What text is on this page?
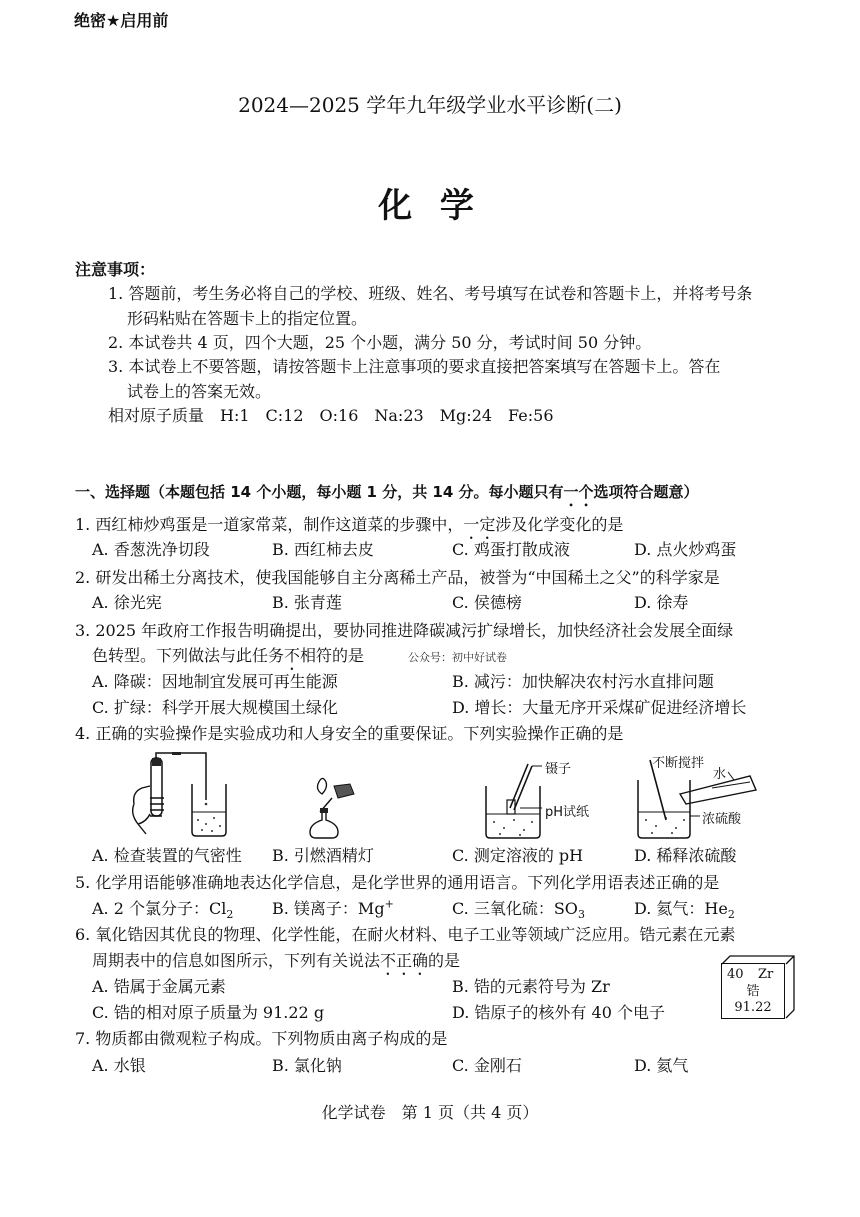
绝密★启用前
2024—2025 学年九年级学业水平诊断(二)
化 学
注意事项：
1. 答题前，考生务必将自己的学校、班级、姓名、考号填写在试卷和答题卡上，并将考号条
形码粘贴在答题卡上的指定位置。
2. 本试卷共 4 页，四个大题，25 个小题，满分 50 分，考试时间 50 分钟。
3. 本试卷上不要答题，请按答题卡上注意事项的要求直接把答案填写在答题卡上。答在
试卷上的答案无效。
相对原子质量　H:1　C:12　O:16　Na:23　Mg:24　Fe:56
一、选择题（本题包括 14 个小题，每小题 1 分，共 14 分。每小题只有一个选项符合题意）
1. 西红柿炒鸡蛋是一道家常菜，制作这道菜的步骤中，一定涉及化学变化的是
A. 香葱洗净切段	B. 西红柿去皮	C. 鸡蛋打散成液	D. 点火炒鸡蛋
2. 研发出稀土分离技术，使我国能够自主分离稀土产品，被誉为“中国稀土之父”的科学家是
A. 徐光宪	B. 张青莲	C. 侯德榜	D. 徐寿
3. 2025 年政府工作报告明确提出，要协同推进降碳减污扩绿增长，加快经济社会发展全面绿
色转型。下列做法与此任务不相符的是	公众号：初中好试卷
A. 降碳：因地制宜发展可再生能源	B. 减污：加快解决农村污水直排问题
C. 扩绿：科学开展大规模国土绿化	D. 增长：大量无序开采煤矿促进经济增长
4. 正确的实验操作是实验成功和人身安全的重要保证。下列实验操作正确的是
镊子
pH试纸
不断搅拌
水
浓硫酸
A. 检查装置的气密性 B. 引燃酒精灯	C. 测定溶液的 pH	D. 稀释浓硫酸
5. 化学用语能够准确地表达化学信息，是化学世界的通用语言。下列化学用语表述正确的是
A. 2 个氯分子：$Cl_2$ B. 镁离子：Mg+	C. 三氧化硫：$SO_3$	D. 氦气：$He_2$
6. 氧化锆因其优良的物理、化学性能，在耐火材料、电子工业等领域广泛应用。锆元素在元素
周期表中的信息如图所示，下列有关说法不正确的是
A. 锆属于金属元素	B. 锆的元素符号为 Zr
C. 锆的相对原子质量为 91.22 g	D. 锆原子的核外有 40 个电子
40 Zr
锆
91.22
7. 物质都由微观粒子构成。下列物质由离子构成的是
A. 水银	B. 氯化钠	C. 金刚石	D. 氦气
化学试卷　第 1 页（共 4 页）
